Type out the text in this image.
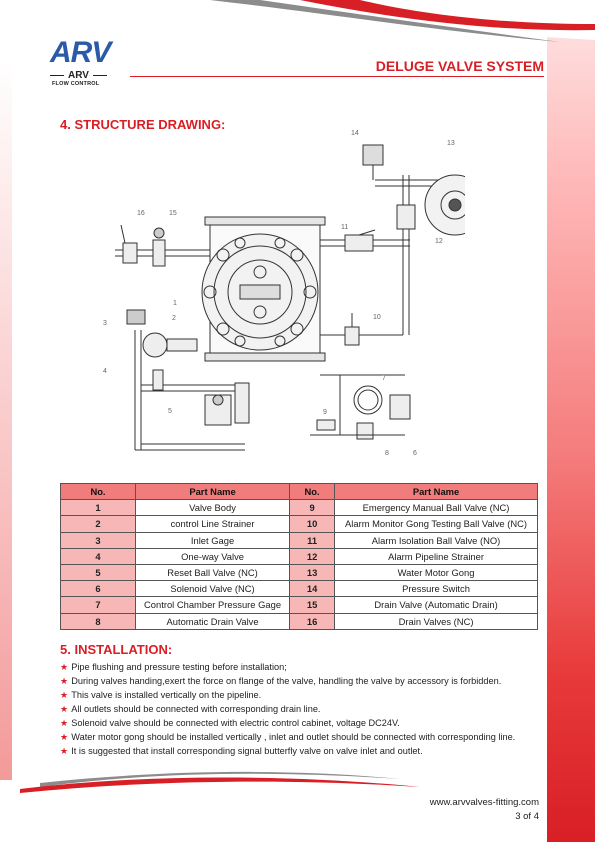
ARV
ARV
FLOW CONTROL
DELUGE VALVE SYSTEM
4. STRUCTURE DRAWING:
1
2
3
4
5
6
7
8
9
10
11
12
13
14
15
16
No.	Part Name	No.	Part Name
1	Valve Body	9	Emergency Manual Ball Valve (NC)
2	control Line Strainer	10	Alarm Monitor Gong Testing Ball Valve (NC)
3	Inlet Gage	11	Alarm Isolation Ball Valve (NO)
4	One-way Valve	12	Alarm Pipeline Strainer
5	Reset Ball Valve (NC)	13	Water Motor Gong
6	Solenoid Valve (NC)	14	Pressure Switch
7	Control Chamber Pressure Gage	15	Drain Valve (Automatic Drain)
8	Automatic Drain Valve	16	Drain Valves (NC)
5. INSTALLATION:
★ Pipe flushing and pressure testing before installation;
★ During valves handing,exert the force on flange of the valve, handling the valve by accessory is forbidden.
★ This valve is installed vertically on the pipeline.
★ All outlets should be connected with corresponding drain line.
★ Solenoid valve should be connected with electric control cabinet, voltage DC24V.
★ Water motor gong should be installed vertically , inlet and outlet should be connected with corresponding line.
★ It is suggested that install corresponding signal butterfly valve on valve inlet and outlet.
www.arvvalves-fitting.com
3 of 4
